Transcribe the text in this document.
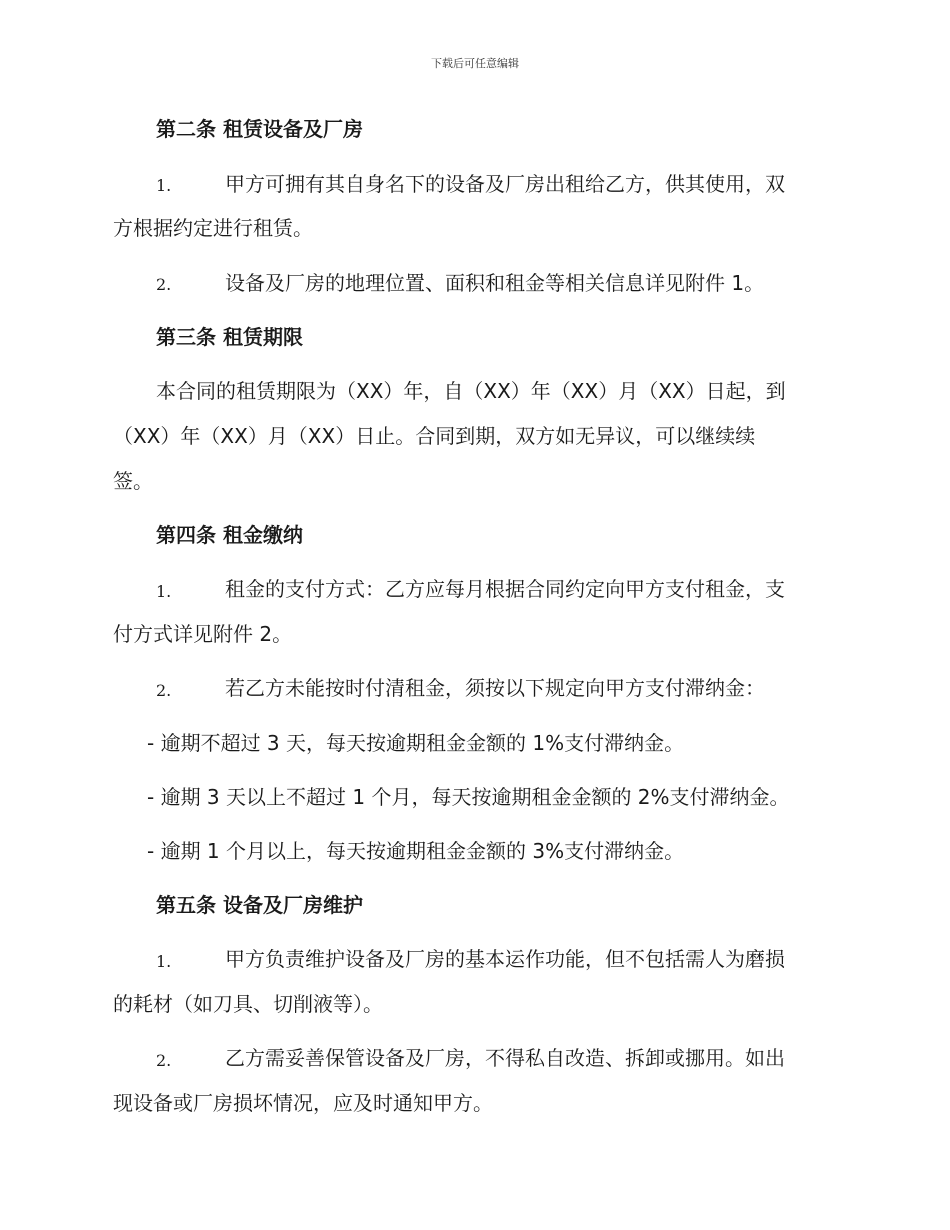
下载后可任意编辑
第二条 租赁设备及厂房
1.	甲方可拥有其自身名下的设备及厂房出租给乙方，供其使用，双
方根据约定进行租赁。
2.	设备及厂房的地理位置、面积和租金等相关信息详见附件 1。
第三条 租赁期限
本合同的租赁期限为（XX）年，自（XX）年（XX）月（XX）日起，到
（XX）年（XX）月（XX）日止。合同到期，双方如无异议，可以继续续
签。
第四条 租金缴纳
1.	租金的支付方式：乙方应每月根据合同约定向甲方支付租金，支
付方式详见附件 2。
2.	若乙方未能按时付清租金，须按以下规定向甲方支付滞纳金：
- 逾期不超过 3 天，每天按逾期租金金额的 1%支付滞纳金。
- 逾期 3 天以上不超过 1 个月，每天按逾期租金金额的 2%支付滞纳金。
- 逾期 1 个月以上，每天按逾期租金金额的 3%支付滞纳金。
第五条 设备及厂房维护
1.	甲方负责维护设备及厂房的基本运作功能，但不包括需人为磨损
的耗材（如刀具、切削液等）。
2.	乙方需妥善保管设备及厂房，不得私自改造、拆卸或挪用。如出
现设备或厂房损坏情况，应及时通知甲方。
